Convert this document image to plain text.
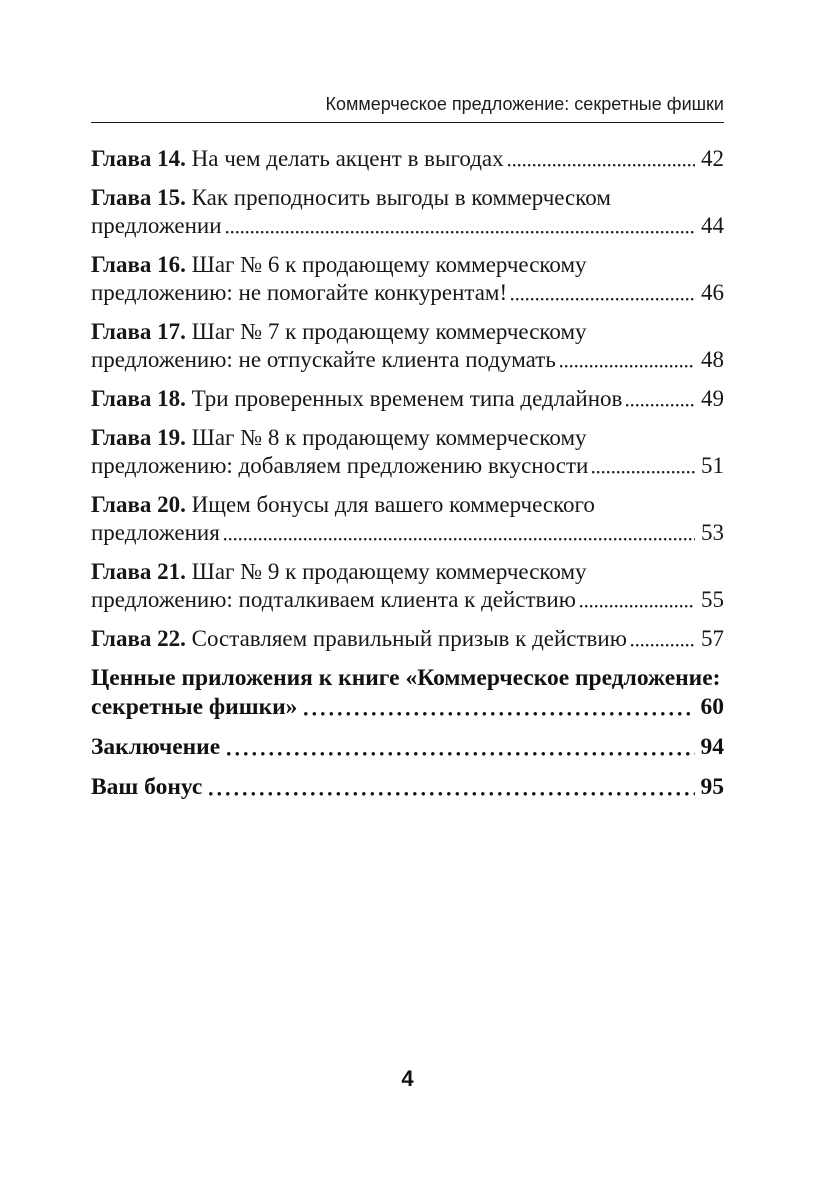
Коммерческое предложение: секретные фишки
Глава 14. На чем делать акцент в выгодах	42
Глава 15. Как преподносить выгоды в коммерческом
предложении	44
Глава 16. Шаг № 6 к продающему коммерческому
предложению: не помогайте конкурентам!	46
Глава 17. Шаг № 7 к продающему коммерческому
предложению: не отпускайте клиента подумать	48
Глава 18. Три проверенных временем типа дедлайнов	49
Глава 19. Шаг № 8 к продающему коммерческому
предложению: добавляем предложению вкусности	51
Глава 20. Ищем бонусы для вашего коммерческого
предложения	53
Глава 21. Шаг № 9 к продающему коммерческому
предложению: подталкиваем клиента к действию	55
Глава 22. Составляем правильный призыв к действию	57
Ценные приложения к книге «Коммерческое предложение:
секретные фишки»	60
Заключение	94
Ваш бонус	95
4
